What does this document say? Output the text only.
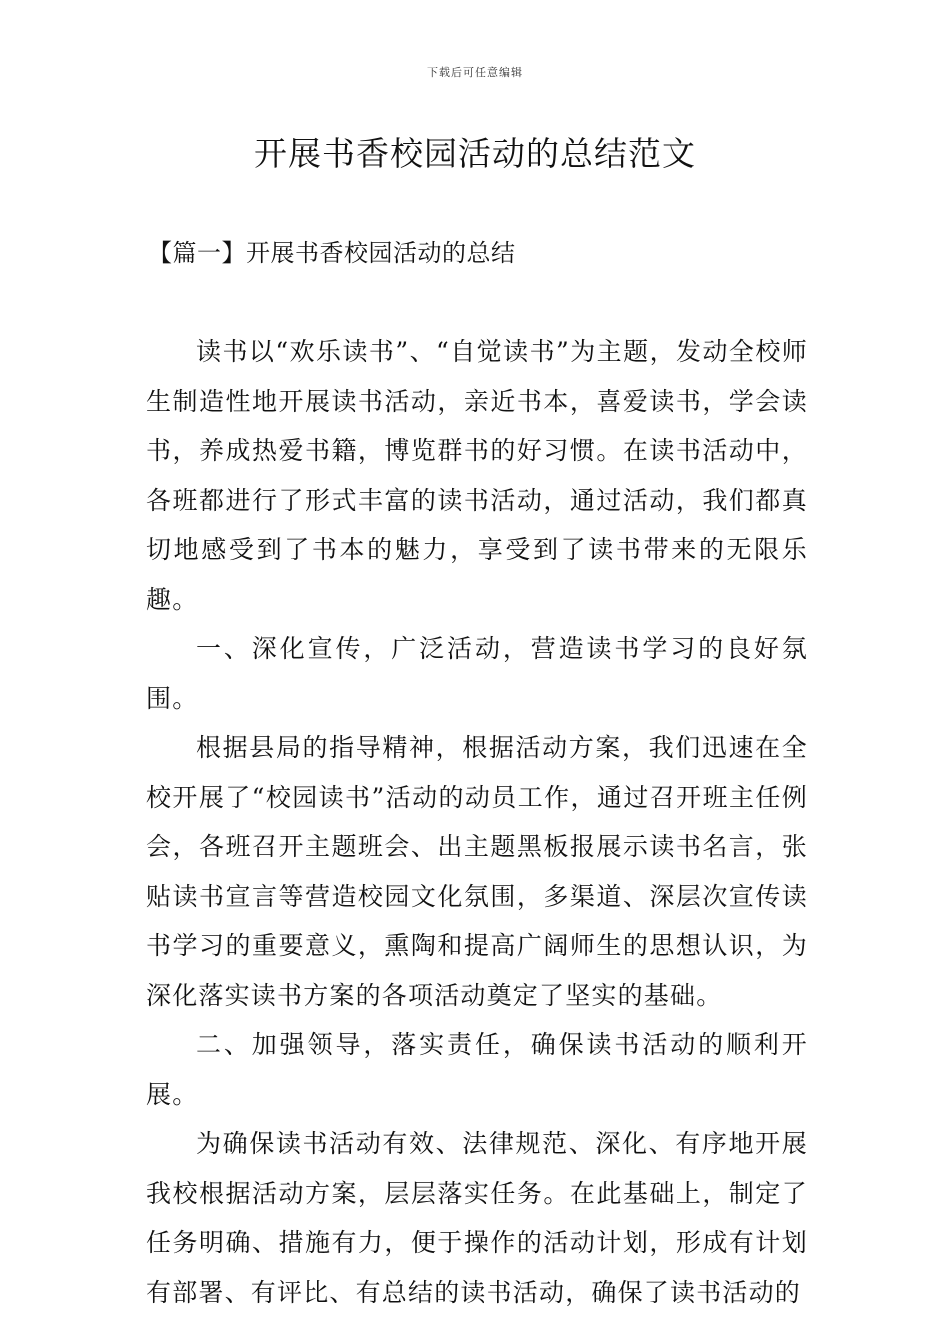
下载后可任意编辑
开展书香校园活动的总结范文
【篇一】开展书香校园活动的总结

读书以“欢乐读书”、“自觉读书”为主题，发动全校师生制造性地开展读书活动，亲近书本，喜爱读书，学会读书，养成热爱书籍，博览群书的好习惯。在读书活动中，各班都进行了形式丰富的读书活动，通过活动，我们都真切地感受到了书本的魅力，享受到了读书带来的无限乐趣。

一、深化宣传，广泛活动，营造读书学习的良好氛围。

根据县局的指导精神，根据活动方案，我们迅速在全校开展了“校园读书”活动的动员工作，通过召开班主任例会，各班召开主题班会、出主题黑板报展示读书名言，张贴读书宣言等营造校园文化氛围，多渠道、深层次宣传读书学习的重要意义，熏陶和提高广阔师生的思想认识，为深化落实读书方案的各项活动奠定了坚实的基础。

二、加强领导，落实责任，确保读书活动的顺利开展。

为确保读书活动有效、法律规范、深化、有序地开展我校根据活动方案，层层落实任务。在此基础上，制定了任务明确、措施有力，便于操作的活动计划，形成有计划有部署、有评比、有总结的读书活动，确保了读书活动的
